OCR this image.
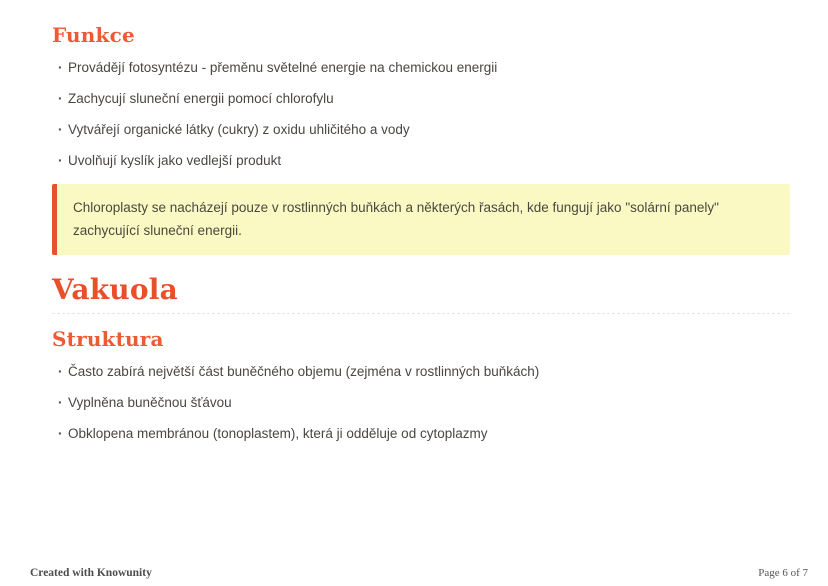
Funkce
· Provádějí fotosyntézu - přeměnu světelné energie na chemickou energii
· Zachycují sluneční energii pomocí chlorofylu
· Vytvářejí organické látky (cukry) z oxidu uhličitého a vody
· Uvolňují kyslík jako vedlejší produkt

Chloroplasty se nacházejí pouze v rostlinných buňkách a některých řasách, kde fungují jako "solární panely" zachycující sluneční energii.

Vakuola
Struktura
· Často zabírá největší část buněčného objemu (zejména v rostlinných buňkách)
· Vyplněna buněčnou šťávou
· Obklopena membránou (tonoplastem), která ji odděluje od cytoplazmy
Created with Knowunity	Page 6 of 7
